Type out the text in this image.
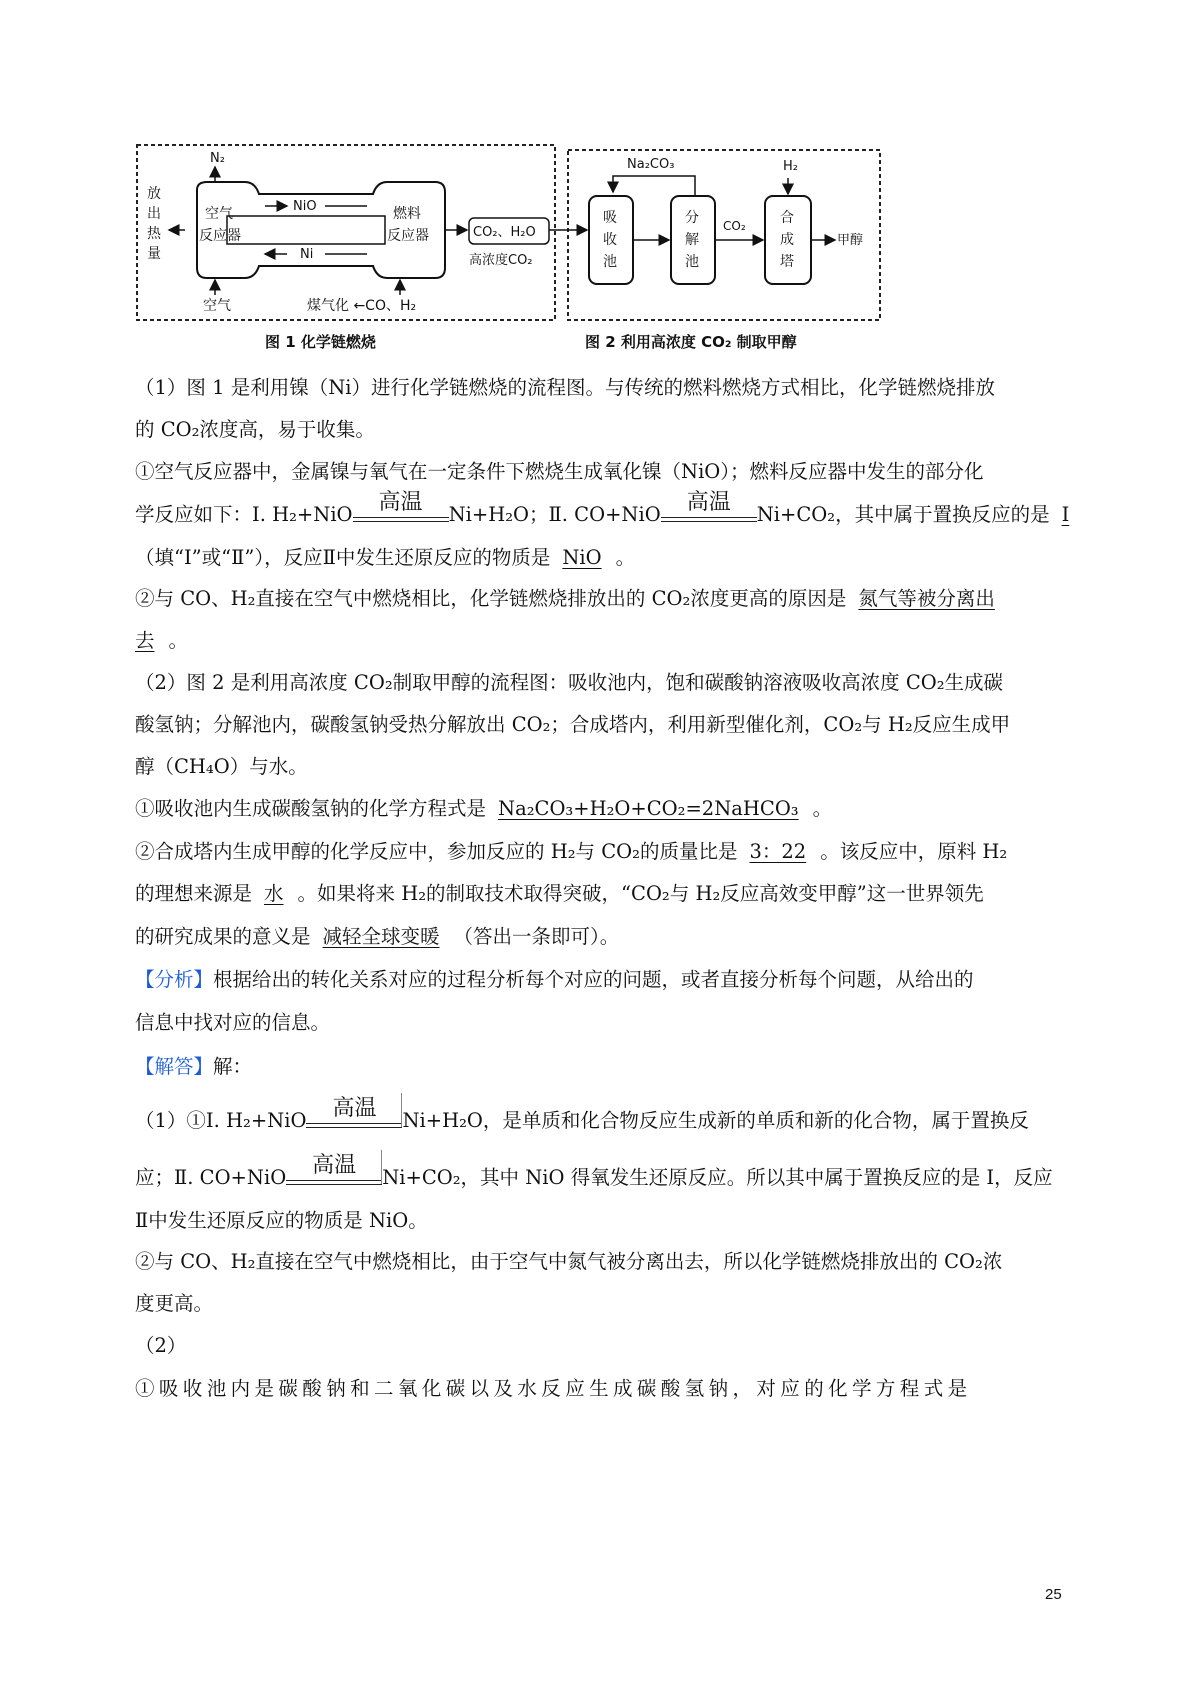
放
出
热
量
N₂
空气
反应器
燃料
反应器
NiO
Ni
空气	煤气化 ←CO、H₂
CO₂、H₂O
高浓度CO₂
Na₂CO₃
吸
收
池
分
解
池
CO₂
H₂
合
成
塔
甲醇
图 1 化学链燃烧	图 2 利用高浓度 CO₂ 制取甲醇
（1）图 1 是利用镍（Ni）进行化学链燃烧的流程图。与传统的燃料燃烧方式相比，化学链燃烧排放
的 CO₂浓度高，易于收集。
①空气反应器中，金属镍与氧气在一定条件下燃烧生成氧化镍（NiO）；燃料反应器中发生的部分化
学反应如下：Ⅰ. H₂+NiO	高温	Ni+H₂O；Ⅱ. CO+NiO	高温	Ni+CO₂，其中属于置换反应的是 Ⅰ
（填“Ⅰ”或“Ⅱ”），反应Ⅱ中发生还原反应的物质是 NiO 。
②与 CO、H₂直接在空气中燃烧相比，化学链燃烧排放出的 CO₂浓度更高的原因是 氮气等被分离出
去 。
（2）图 2 是利用高浓度 CO₂制取甲醇的流程图：吸收池内，饱和碳酸钠溶液吸收高浓度 CO₂生成碳
酸氢钠；分解池内，碳酸氢钠受热分解放出 CO₂；合成塔内，利用新型催化剂，CO₂与 H₂反应生成甲
醇（CH₄O）与水。
①吸收池内生成碳酸氢钠的化学方程式是 Na₂CO₃+H₂O+CO₂=2NaHCO₃ 。
②合成塔内生成甲醇的化学反应中，参加反应的 H₂与 CO₂的质量比是 3：22 。该反应中，原料 H₂
的理想来源是 水 。如果将来 H₂的制取技术取得突破，“CO₂与 H₂反应高效变甲醇”这一世界领先
的研究成果的意义是 减轻全球变暖 （答出一条即可）。
【分析】根据给出的转化关系对应的过程分析每个对应的问题，或者直接分析每个问题，从给出的
信息中找对应的信息。
【解答】解：
（1）①Ⅰ. H₂+NiO	高温	Ni+H₂O，是单质和化合物反应生成新的单质和新的化合物，属于置换反
应；Ⅱ. CO+NiO	高温	Ni+CO₂，其中 NiO 得氧发生还原反应。所以其中属于置换反应的是 Ⅰ，反应
Ⅱ中发生还原反应的物质是 NiO。
②与 CO、H₂直接在空气中燃烧相比，由于空气中氮气被分离出去，所以化学链燃烧排放出的 CO₂浓
度更高。
（2）
①吸收池内是碳酸钠和二氧化碳以及水反应生成碳酸氢钠，对应的化学方程式是
25
